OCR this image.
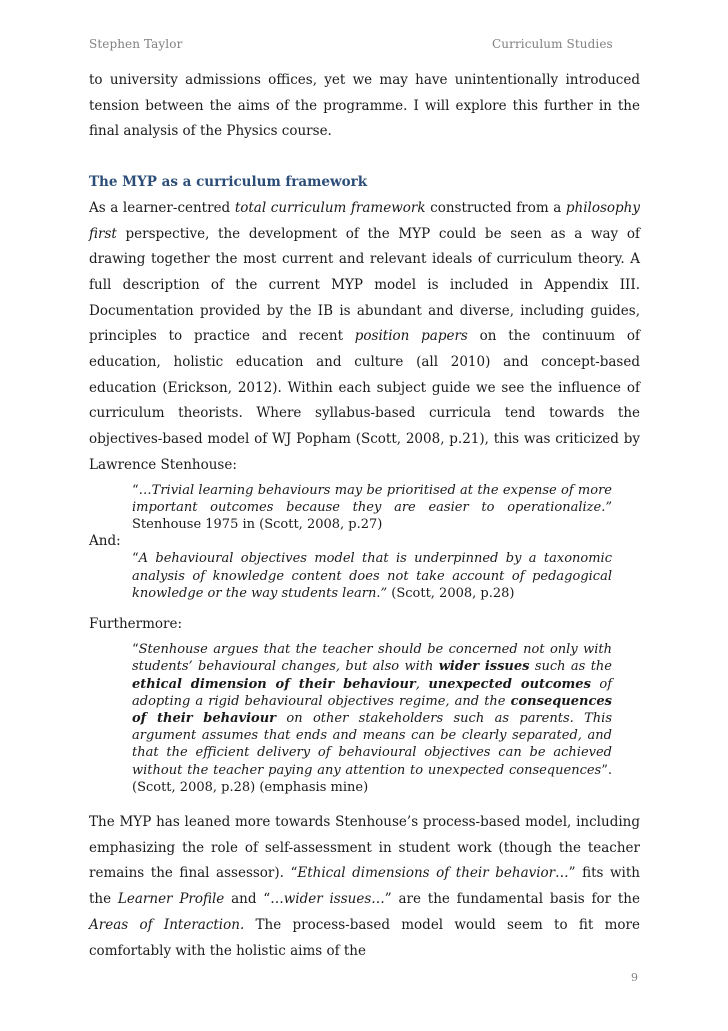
Stephen Taylor	Curriculum Studies

to university admissions offices, yet we may have unintentionally introduced tension between the aims of the programme. I will explore this further in the final analysis of the Physics course.

The MYP as a curriculum framework

As a learner-centred total curriculum framework constructed from a philosophy first perspective, the development of the MYP could be seen as a way of drawing together the most current and relevant ideals of curriculum theory. A full description of the current MYP model is included in Appendix III. Documentation provided by the IB is abundant and diverse, including guides, principles to practice and recent position papers on the continuum of education, holistic education and culture (all 2010) and concept-based education (Erickson, 2012). Within each subject guide we see the influence of curriculum theorists. Where syllabus-based curricula tend towards the objectives-based model of WJ Popham (Scott, 2008, p.21), this was criticized by Lawrence Stenhouse:

“…Trivial learning behaviours may be prioritised at the expense of more important outcomes because they are easier to operationalize.” Stenhouse 1975 in (Scott, 2008, p.27)

And:

“A behavioural objectives model that is underpinned by a taxonomic analysis of knowledge content does not take account of pedagogical knowledge or the way students learn.” (Scott, 2008, p.28)

Furthermore:

“Stenhouse argues that the teacher should be concerned not only with students’ behavioural changes, but also with wider issues such as the ethical dimension of their behaviour, unexpected outcomes of adopting a rigid behavioural objectives regime, and the consequences of their behaviour on other stakeholders such as parents. This argument assumes that ends and means can be clearly separated, and that the efficient delivery of behavioural objectives can be achieved without the teacher paying any attention to unexpected consequences”. (Scott, 2008, p.28) (emphasis mine)

The MYP has leaned more towards Stenhouse’s process-based model, including emphasizing the role of self-assessment in student work (though the teacher remains the final assessor). “Ethical dimensions of their behavior…” fits with the Learner Profile and “…wider issues…” are the fundamental basis for the Areas of Interaction. The process-based model would seem to fit more comfortably with the holistic aims of the

9
